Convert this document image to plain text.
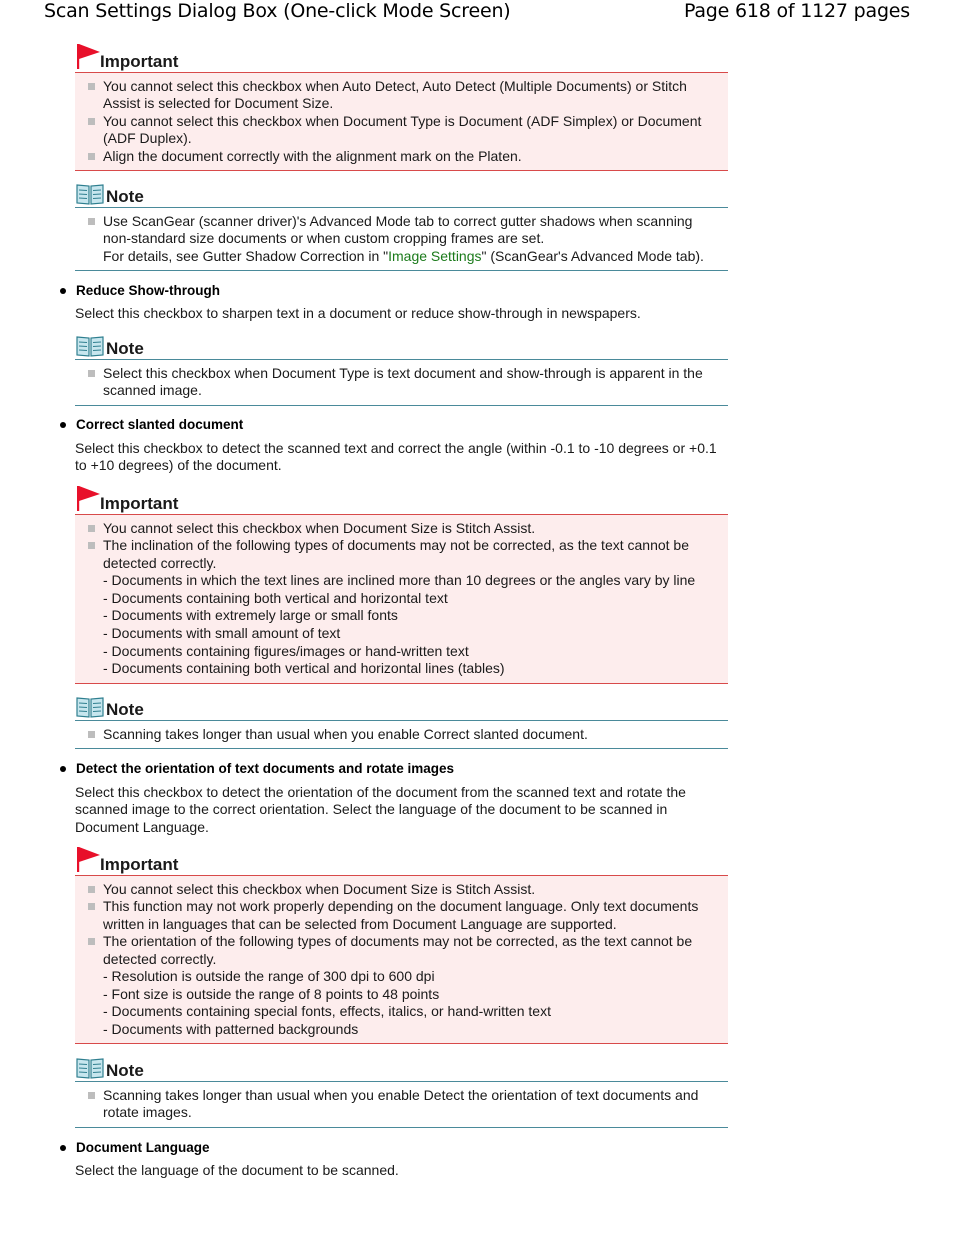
Scan Settings Dialog Box (One-click Mode Screen)	Page 618 of 1127 pages
Important
You cannot select this checkbox when Auto Detect, Auto Detect (Multiple Documents) or Stitch Assist is selected for Document Size.
You cannot select this checkbox when Document Type is Document (ADF Simplex) or Document (ADF Duplex).
Align the document correctly with the alignment mark on the Platen.
Note
Use ScanGear (scanner driver)'s Advanced Mode tab to correct gutter shadows when scanning non-standard size documents or when custom cropping frames are set.
For details, see Gutter Shadow Correction in "Image Settings" (ScanGear's Advanced Mode tab).
Reduce Show-through
Select this checkbox to sharpen text in a document or reduce show-through in newspapers.
Note
Select this checkbox when Document Type is text document and show-through is apparent in the scanned image.
Correct slanted document
Select this checkbox to detect the scanned text and correct the angle (within -0.1 to -10 degrees or +0.1 to +10 degrees) of the document.
Important
You cannot select this checkbox when Document Size is Stitch Assist.
The inclination of the following types of documents may not be corrected, as the text cannot be detected correctly.
- Documents in which the text lines are inclined more than 10 degrees or the angles vary by line
- Documents containing both vertical and horizontal text
- Documents with extremely large or small fonts
- Documents with small amount of text
- Documents containing figures/images or hand-written text
- Documents containing both vertical and horizontal lines (tables)
Note
Scanning takes longer than usual when you enable Correct slanted document.
Detect the orientation of text documents and rotate images
Select this checkbox to detect the orientation of the document from the scanned text and rotate the scanned image to the correct orientation. Select the language of the document to be scanned in Document Language.
Important
You cannot select this checkbox when Document Size is Stitch Assist.
This function may not work properly depending on the document language. Only text documents written in languages that can be selected from Document Language are supported.
The orientation of the following types of documents may not be corrected, as the text cannot be detected correctly.
- Resolution is outside the range of 300 dpi to 600 dpi
- Font size is outside the range of 8 points to 48 points
- Documents containing special fonts, effects, italics, or hand-written text
- Documents with patterned backgrounds
Note
Scanning takes longer than usual when you enable Detect the orientation of text documents and rotate images.
Document Language
Select the language of the document to be scanned.
